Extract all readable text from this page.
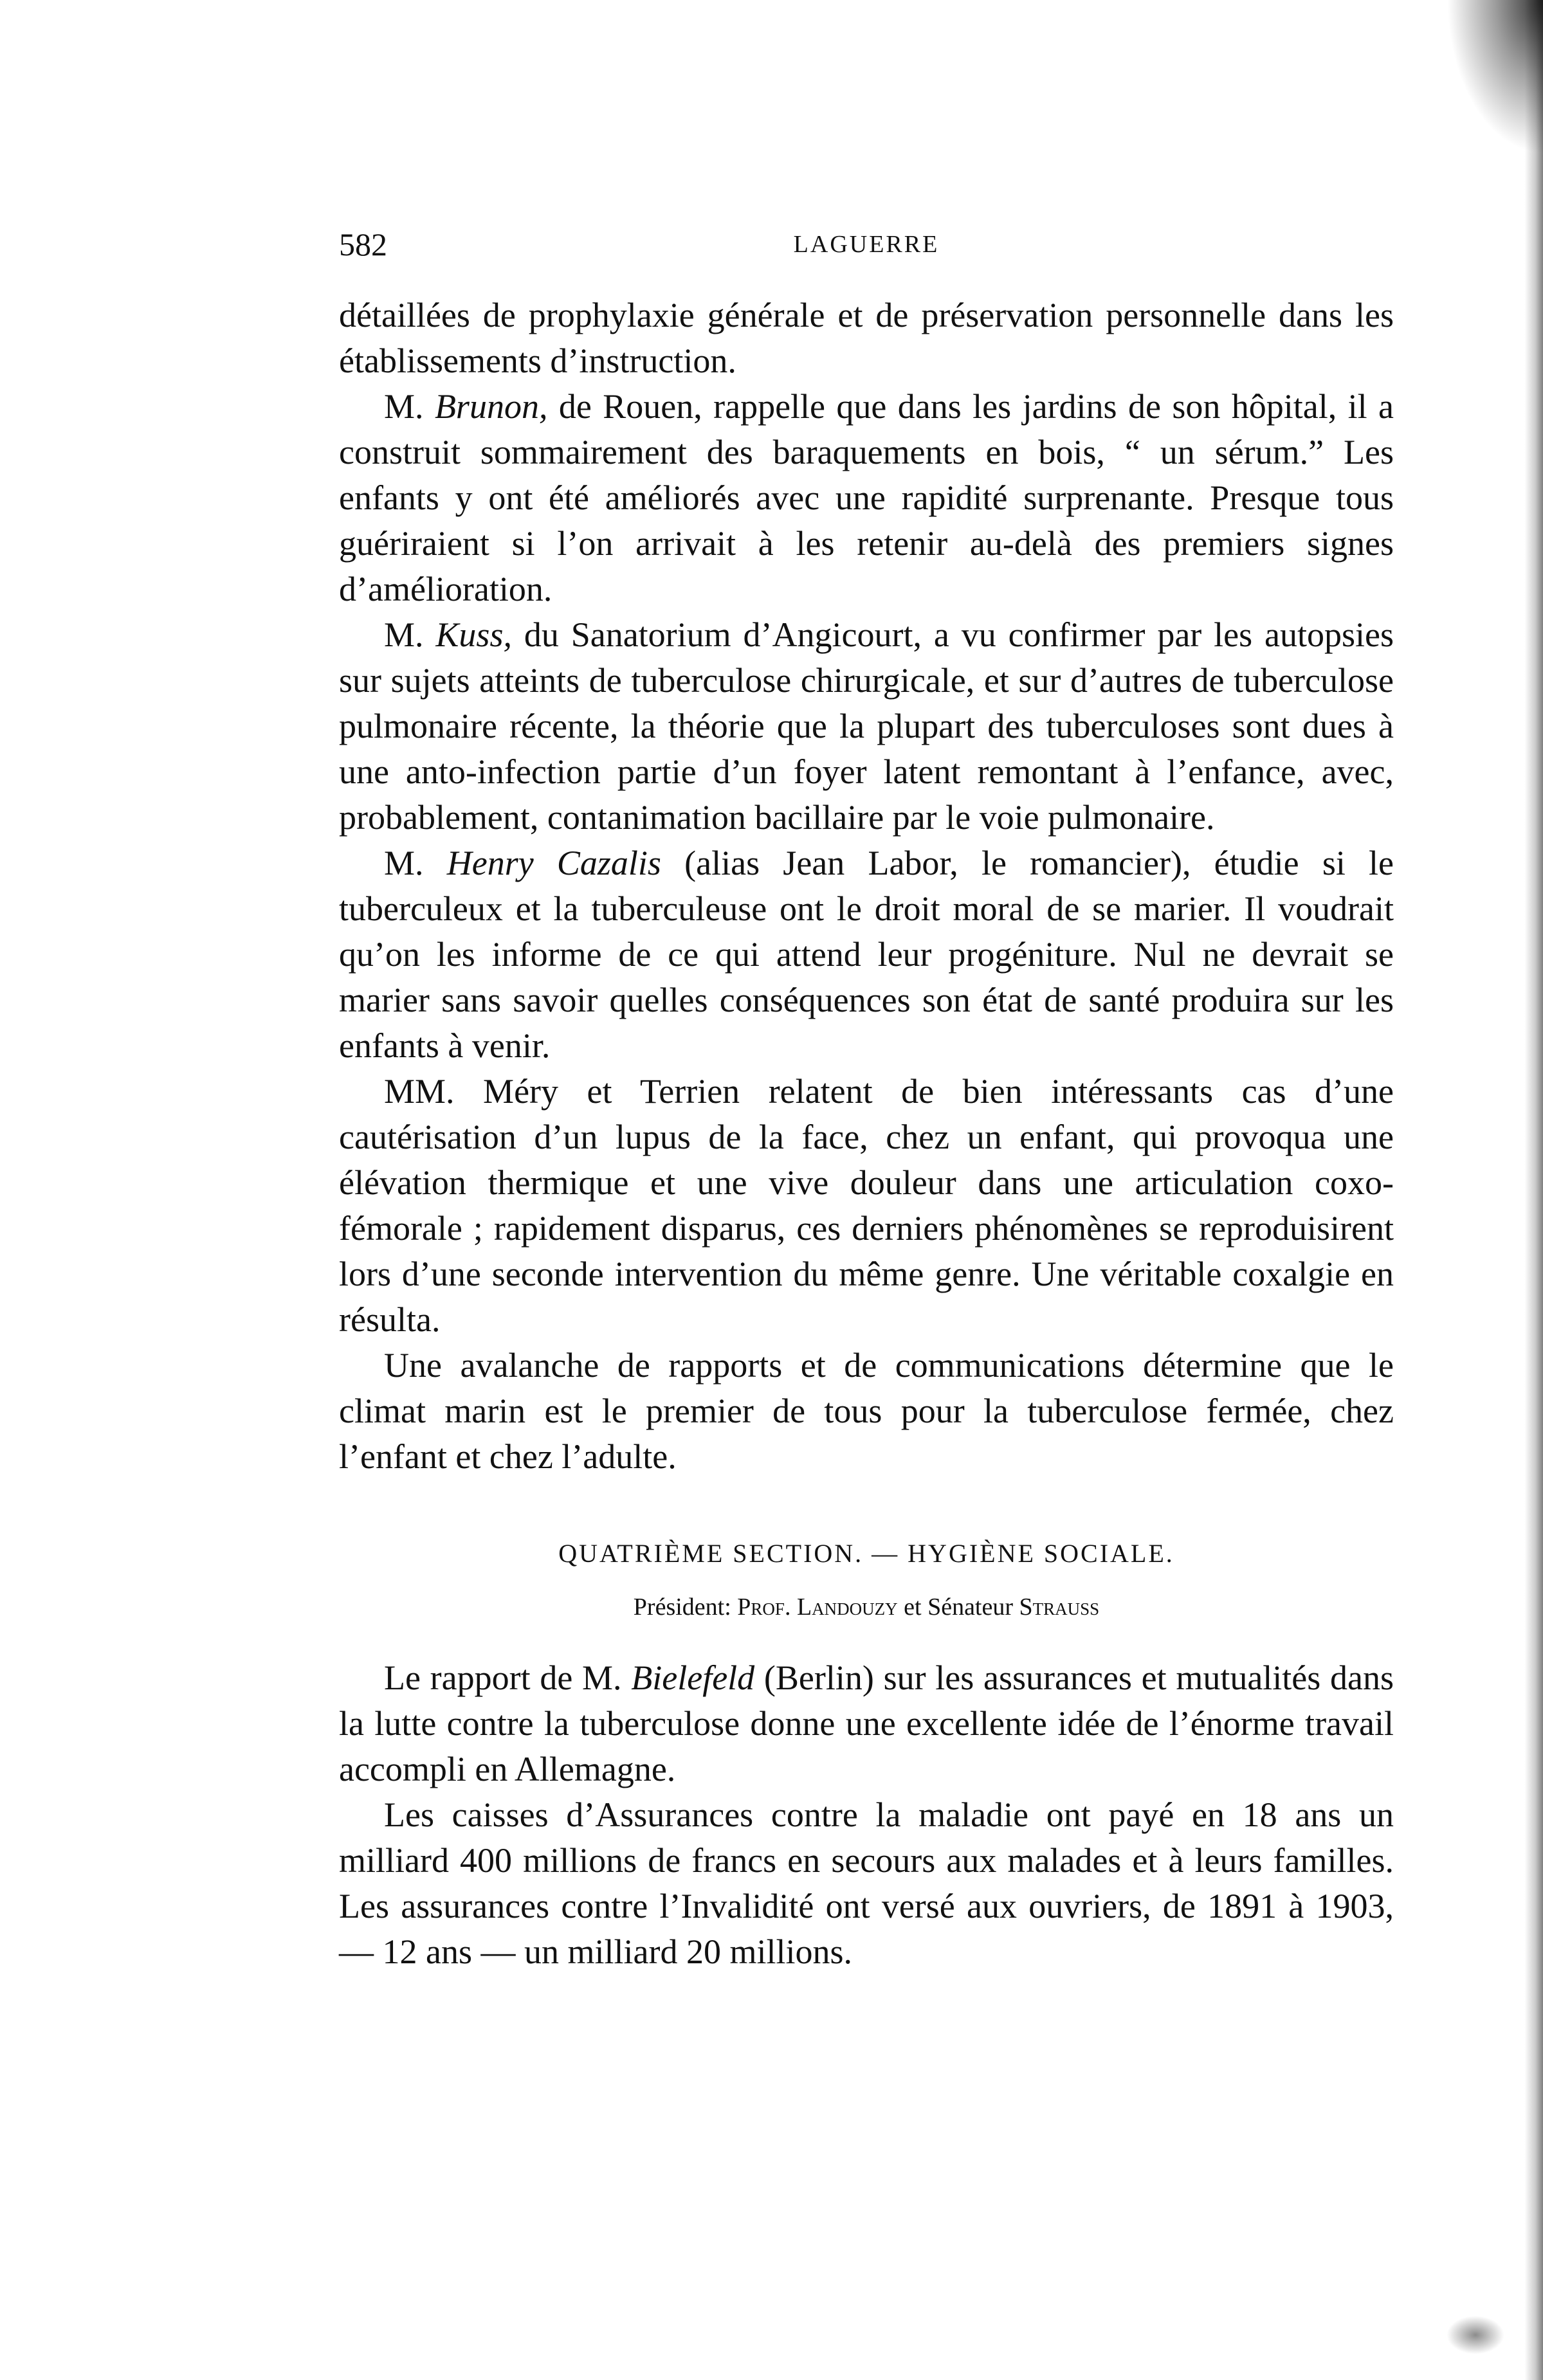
582	LAGUERRE

détaillées de prophylaxie générale et de préservation personnelle dans les établissements d’instruction.

M. Brunon, de Rouen, rappelle que dans les jardins de son hôpital, il a construit sommairement des baraquements en bois, “ un sérum.” Les enfants y ont été améliorés avec une rapidité surprenante. Presque tous guériraient si l’on arrivait à les retenir au-delà des premiers signes d’amélioration.

M. Kuss, du Sanatorium d’Angicourt, a vu confirmer par les autopsies sur sujets atteints de tuberculose chirurgicale, et sur d’autres de tuberculose pulmonaire récente, la théorie que la plupart des tuberculoses sont dues à une anto-infection partie d’un foyer latent remontant à l’enfance, avec, probablement, contanimation bacillaire par le voie pulmonaire.

M. Henry Cazalis (alias Jean Labor, le romancier), étudie si le tuberculeux et la tuberculeuse ont le droit moral de se marier. Il voudrait qu’on les informe de ce qui attend leur progéniture. Nul ne devrait se marier sans savoir quelles conséquences son état de santé produira sur les enfants à venir.

MM. Méry et Terrien relatent de bien intéressants cas d’une cautérisation d’un lupus de la face, chez un enfant, qui provoqua une élévation thermique et une vive douleur dans une articulation coxo-fémorale ; rapidement disparus, ces derniers phénomènes se reproduisirent lors d’une seconde intervention du même genre. Une véritable coxalgie en résulta.

Une avalanche de rapports et de communications détermine que le climat marin est le premier de tous pour la tuberculose fermée, chez l’enfant et chez l’adulte.

QUATRIÈME SECTION. — HYGIÈNE SOCIALE.
Président: Prof. Landouzy et Sénateur Strauss

Le rapport de M. Bielefeld (Berlin) sur les assurances et mutualités dans la lutte contre la tuberculose donne une excellente idée de l’énorme travail accompli en Allemagne.

Les caisses d’Assurances contre la maladie ont payé en 18 ans un milliard 400 millions de francs en secours aux malades et à leurs familles. Les assurances contre l’Invalidité ont versé aux ouvriers, de 1891 à 1903, — 12 ans — un milliard 20 millions.
